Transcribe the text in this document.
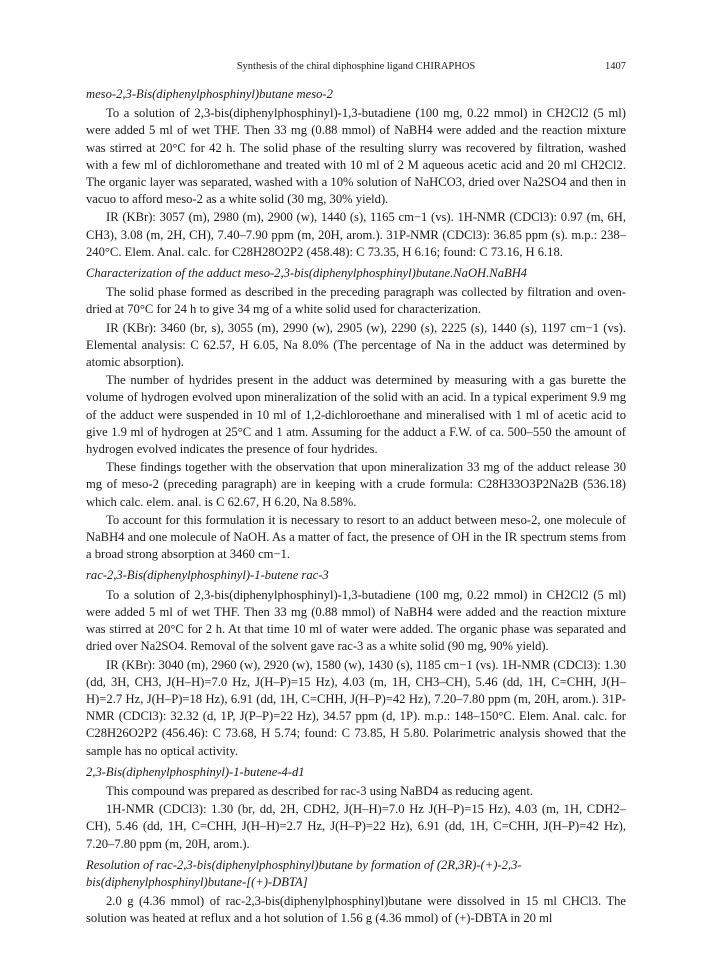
Synthesis of the chiral diphosphine ligand CHIRAPHOS	1407
meso-2,3-Bis(diphenylphosphinyl)butane meso-2
To a solution of 2,3-bis(diphenylphosphinyl)-1,3-butadiene (100 mg, 0.22 mmol) in CH2Cl2 (5 ml) were added 5 ml of wet THF. Then 33 mg (0.88 mmol) of NaBH4 were added and the reaction mixture was stirred at 20°C for 42 h. The solid phase of the resulting slurry was recovered by filtration, washed with a few ml of dichloromethane and treated with 10 ml of 2 M aqueous acetic acid and 20 ml CH2Cl2. The organic layer was separated, washed with a 10% solution of NaHCO3, dried over Na2SO4 and then in vacuo to afford meso-2 as a white solid (30 mg, 30% yield).
IR (KBr): 3057 (m), 2980 (m), 2900 (w), 1440 (s), 1165 cm−1 (vs). 1H-NMR (CDCl3): 0.97 (m, 6H, CH3), 3.08 (m, 2H, CH), 7.40–7.90 ppm (m, 20H, arom.). 31P-NMR (CDCl3): 36.85 ppm (s). m.p.: 238–240°C. Elem. Anal. calc. for C28H28O2P2 (458.48): C 73.35, H 6.16; found: C 73.16, H 6.18.
Characterization of the adduct meso-2,3-bis(diphenylphosphinyl)butane.NaOH.NaBH4
The solid phase formed as described in the preceding paragraph was collected by filtration and oven-dried at 70°C for 24 h to give 34 mg of a white solid used for characterization.
IR (KBr): 3460 (br, s), 3055 (m), 2990 (w), 2905 (w), 2290 (s), 2225 (s), 1440 (s), 1197 cm−1 (vs). Elemental analysis: C 62.57, H 6.05, Na 8.0% (The percentage of Na in the adduct was determined by atomic absorption).
The number of hydrides present in the adduct was determined by measuring with a gas burette the volume of hydrogen evolved upon mineralization of the solid with an acid. In a typical experiment 9.9 mg of the adduct were suspended in 10 ml of 1,2-dichloroethane and mineralised with 1 ml of acetic acid to give 1.9 ml of hydrogen at 25°C and 1 atm. Assuming for the adduct a F.W. of ca. 500–550 the amount of hydrogen evolved indicates the presence of four hydrides.
These findings together with the observation that upon mineralization 33 mg of the adduct release 30 mg of meso-2 (preceding paragraph) are in keeping with a crude formula: C28H33O3P2Na2B (536.18) which calc. elem. anal. is C 62.67, H 6.20, Na 8.58%.
To account for this formulation it is necessary to resort to an adduct between meso-2, one molecule of NaBH4 and one molecule of NaOH. As a matter of fact, the presence of OH in the IR spectrum stems from a broad strong absorption at 3460 cm−1.
rac-2,3-Bis(diphenylphosphinyl)-1-butene rac-3
To a solution of 2,3-bis(diphenylphosphinyl)-1,3-butadiene (100 mg, 0.22 mmol) in CH2Cl2 (5 ml) were added 5 ml of wet THF. Then 33 mg (0.88 mmol) of NaBH4 were added and the reaction mixture was stirred at 20°C for 2 h. At that time 10 ml of water were added. The organic phase was separated and dried over Na2SO4. Removal of the solvent gave rac-3 as a white solid (90 mg, 90% yield).
IR (KBr): 3040 (m), 2960 (w), 2920 (w), 1580 (w), 1430 (s), 1185 cm−1 (vs). 1H-NMR (CDCl3): 1.30 (dd, 3H, CH3, J(H–H)=7.0 Hz, J(H–P)=15 Hz), 4.03 (m, 1H, CH3–CH), 5.46 (dd, 1H, C=CHH, J(H–H)=2.7 Hz, J(H–P)=18 Hz), 6.91 (dd, 1H, C=CHH, J(H–P)=42 Hz), 7.20–7.80 ppm (m, 20H, arom.). 31P-NMR (CDCl3): 32.32 (d, 1P, J(P–P)=22 Hz), 34.57 ppm (d, 1P). m.p.: 148–150°C. Elem. Anal. calc. for C28H26O2P2 (456.46): C 73.68, H 5.74; found: C 73.85, H 5.80. Polarimetric analysis showed that the sample has no optical activity.
2,3-Bis(diphenylphosphinyl)-1-butene-4-d1
This compound was prepared as described for rac-3 using NaBD4 as reducing agent.
1H-NMR (CDCl3): 1.30 (br, dd, 2H, CDH2, J(H–H)=7.0 Hz J(H–P)=15 Hz), 4.03 (m, 1H, CDH2–CH), 5.46 (dd, 1H, C=CHH, J(H–H)=2.7 Hz, J(H–P)=22 Hz), 6.91 (dd, 1H, C=CHH, J(H–P)=42 Hz), 7.20–7.80 ppm (m, 20H, arom.).
Resolution of rac-2,3-bis(diphenylphosphinyl)butane by formation of (2R,3R)-(+)-2,3-bis(diphenylphosphinyl)butane-[(+)-DBTA]
2.0 g (4.36 mmol) of rac-2,3-bis(diphenylphosphinyl)butane were dissolved in 15 ml CHCl3. The solution was heated at reflux and a hot solution of 1.56 g (4.36 mmol) of (+)-DBTA in 20 ml
